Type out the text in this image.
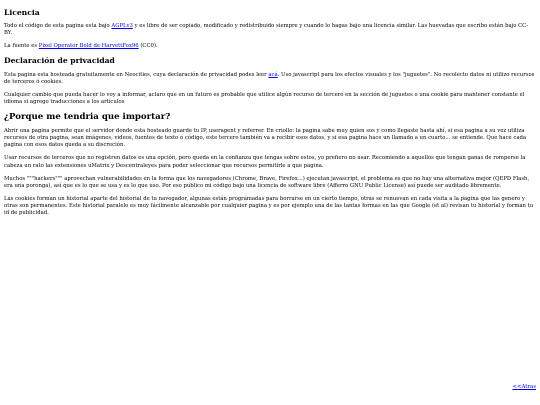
Licencia

Todo el código de esta pagina esta bajo AGPLv3 y es libre de ser copiado, modificado y redistribuido siempre y cuando lo hagas bajo una licencia similar. Las huevadas que escribo están bajo CC-BY.

La fuente es Pixel Operator Bold de HarvettFox96 (CC0).

Declaración de privacidad

Esta pagina esta hosteada gratuitamente en Neocities, cuya declaración de privacidad podes leer acá. Uso javascript para los efectos visuales y los "juguetes". No recolecto datos ni utilizo recursos de terceros ó cookies.

Cualquier cambio que pueda hacer lo voy a informar, aclaro que en un futuro es probable que utilice algún recurso de tercero en la sección de juguetes o una cookie para mantener constante el idioma si agrego traducciones a los artículos

¿Porque me tendria que importar?

Abrir una pagina permite que el servidor donde esta hosteado guarde tu IP, useragent y referrer. En criollo: la pagina sabe muy quien sos y como llegaste hasta ahí, si esa pagina a su vez utiliza recursos de otra pagina, sean imágenes, videos, fuentes de texto o código, este tercero también va a recibir esos datos, y si esa pagina hace un llamado a un cuarto... se entiende. Que hace cada pagina con esos datos queda a su discreción.

Usar recursos de terceros que no registren datos es una opción, pero queda en la confianza que tengas sobre estos, yo prefiero no usar. Recomiendo a aquellos que tengan ganas de romperse la cabeza un rato las extensiones uMatrix y Descentraleyes para poder seleccionar que recursos permitirle a que pagina.

Muchos """hackers""" aprovechan vulnerabilidades en la forma que los navegadores (Chrome, Brave, Firefox...) ejecutan javascript, el problema es que no hay una alternativa mejor (QEPD Flash, era una poronga), así que es lo que se usa y es lo que uso. Por eso publico mi código bajo una licencia de software libre (Afferro GNU Public License) así puede ser auditado libremente.

Las cookies forman un historial aparte del historial de tu navegador, algunas están programadas para borrarse en un cierto tiempo, otras se renuevan en cada visita a la pagina que las genero y otras son permanentes. Este historial paralelo es muy fácilmente alcanzable por cualquier pagina y es por ejemplo una de las tantas formas en las que Google (et al) revisan tu historial y forman tu id de publicidad.

<<Atras
